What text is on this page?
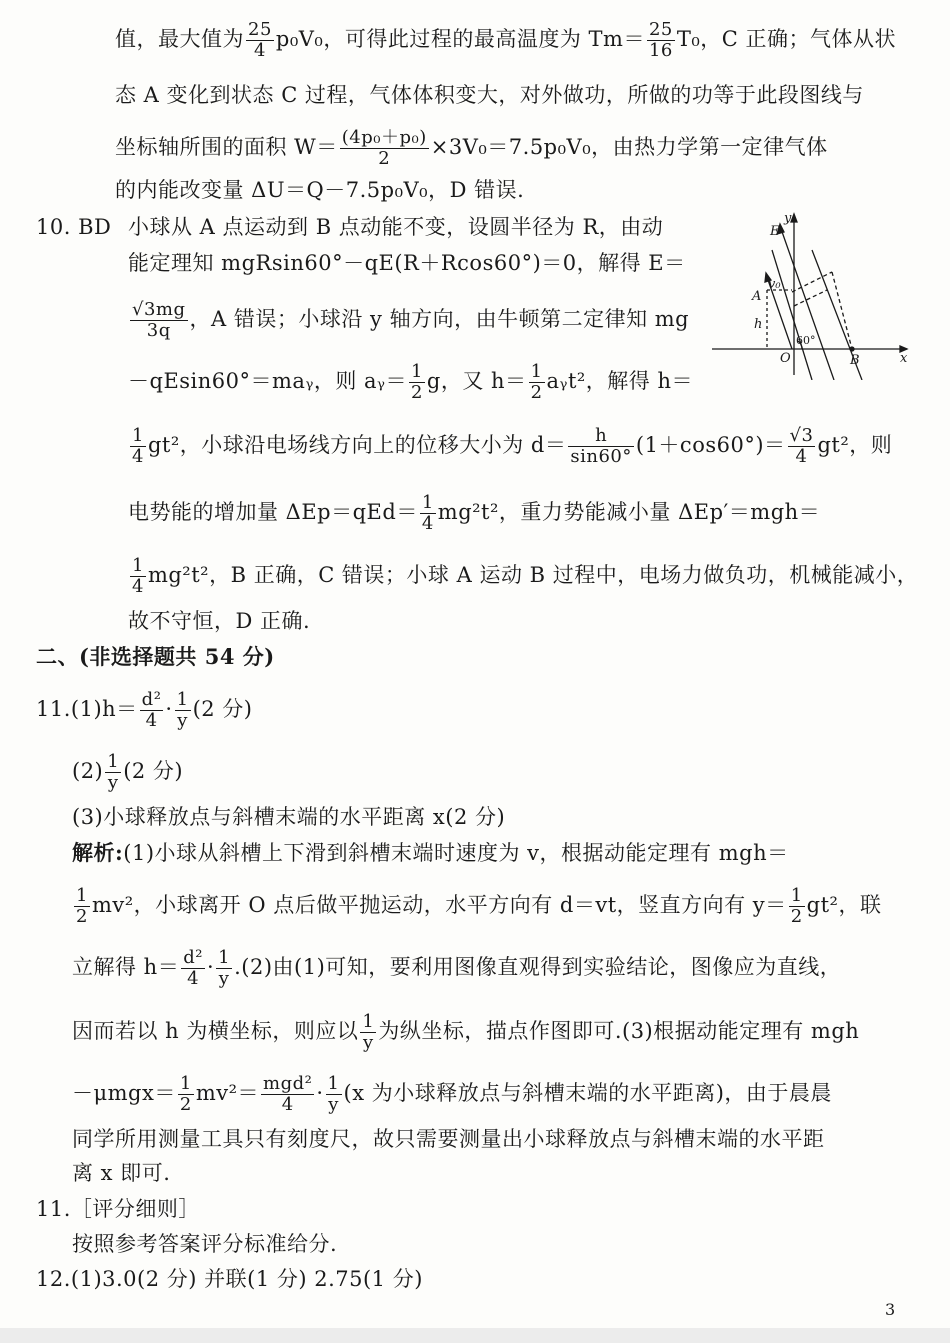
值，最大值为 $\frac{25}{4} p_0V_0$，可得此过程的最高温度为 $Tm= \frac{25}{16} T_0$，C 正确；气体从状
态 A 变化到状态 C 过程，气体体积变大，对外做功，所做的功等于此段图线与
坐标轴所围的面积 $W= \frac{\text{(4p₀＋p₀)}}{2} \times 3V_0=7.5p_0V_0$，由热力学第一定律气体
的内能改变量 ΔU＝Q－7.5p₀V₀，D 错误.
10. BD 小球从 A 点运动到 B 点动能不变，设圆半径为 R，由动
能定理知 mgRsin60°－qE(R＋Rcos60°)＝0，解得 E＝
$\frac{√3mg}{3q}$ ，A 错误；小球沿 y 轴方向，由牛顿第二定律知 mg
－qEsin60°＝maᵧ，则 aᵧ＝ $\frac{1}{2}$ g，又 $h= \frac{1}{2}$ aᵧt²，解得 h＝
y
x
E
v₀
A
h
O	B
60°
$\frac{1}{4} gt^2$，小球沿电场线方向上的位移大小为 $d= \frac{h}{\sin 60^\circ} (1+\cos 60^\circ)= \frac{√3}{4} gt^2$，则
电势能的增加量 $\Delta Ep=qEd= \frac{1}{4} mg^2t^2$，重力势能减小量 ΔEp′＝mgh＝
$\frac{1}{4} mg^2t^2$，B 正确，C 错误；小球 A 运动 B 过程中，电场力做负功，机械能减小，
故不守恒，D 正确.
二、(非选择题共 54 分)
$11.(1)h= \frac{\text{d²}}{4} \cdot \frac{1}{y} (2$ 分)
$(2) \frac{1}{y} (2$ 分)
(3)小球释放点与斜槽末端的水平距离 x(2 分)
解析:(1)小球从斜槽上下滑到斜槽末端时速度为 v，根据动能定理有 mgh＝
$\frac{1}{2} mv^2$，小球离开 O 点后做平抛运动，水平方向有 d＝vt，竖直方向有 $y= \frac{1}{2} gt^2$，联
立解得 $h= \frac{\text{d²}}{4} \cdot \frac{1}{y} .(2)$由(1)可知，要利用图像直观得到实验结论，图像应为直线，
因而若以 h 为横坐标，则应以 $\frac{1}{y}$ 为纵坐标，描点作图即可.(3)根据动能定理有 mgh
$-\mu mgx= \frac{1}{2} mv^2= \frac{\text{mgd²}}{4} \cdot \frac{1}{y} (x$ 为小球释放点与斜槽末端的水平距离)，由于晨晨
同学所用测量工具只有刻度尺，故只需要测量出小球释放点与斜槽末端的水平距
离 x 即可.
11.［评分细则］
按照参考答案评分标准给分.
12.(1)3.0(2 分) 并联(1 分) 2.75(1 分)
3
